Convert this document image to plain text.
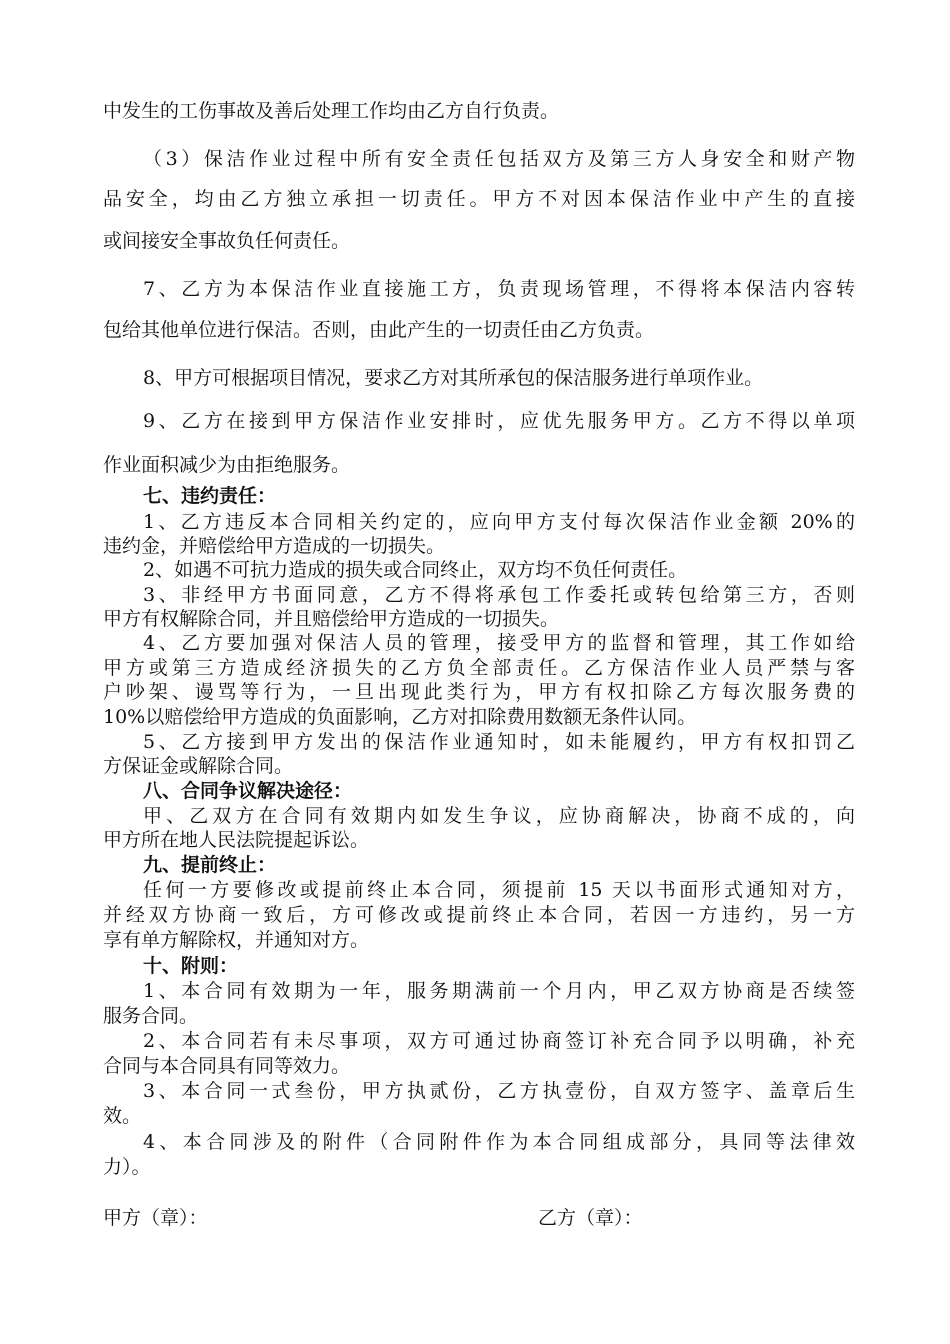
中发生的工伤事故及善后处理工作均由乙方自行负责。
（3）保洁作业过程中所有安全责任包括双方及第三方人身安全和财产物
品安全，均由乙方独立承担一切责任。甲方不对因本保洁作业中产生的直接
或间接安全事故负任何责任。
7、乙方为本保洁作业直接施工方，负责现场管理，不得将本保洁内容转
包给其他单位进行保洁。否则，由此产生的一切责任由乙方负责。
8、甲方可根据项目情况，要求乙方对其所承包的保洁服务进行单项作业。
9、乙方在接到甲方保洁作业安排时，应优先服务甲方。乙方不得以单项
作业面积减少为由拒绝服务。
七、违约责任：
1、乙方违反本合同相关约定的，应向甲方支付每次保洁作业金额 20%的
违约金，并赔偿给甲方造成的一切损失。
2、如遇不可抗力造成的损失或合同终止，双方均不负任何责任。
3、非经甲方书面同意，乙方不得将承包工作委托或转包给第三方，否则
甲方有权解除合同，并且赔偿给甲方造成的一切损失。
4、乙方要加强对保洁人员的管理，接受甲方的监督和管理，其工作如给
甲方或第三方造成经济损失的乙方负全部责任。乙方保洁作业人员严禁与客
户吵架、谩骂等行为，一旦出现此类行为，甲方有权扣除乙方每次服务费的
10%以赔偿给甲方造成的负面影响，乙方对扣除费用数额无条件认同。
5、乙方接到甲方发出的保洁作业通知时，如未能履约，甲方有权扣罚乙
方保证金或解除合同。
八、合同争议解决途径：
甲、乙双方在合同有效期内如发生争议，应协商解决，协商不成的，向
甲方所在地人民法院提起诉讼。
九、提前终止：
任何一方要修改或提前终止本合同，须提前 15 天以书面形式通知对方，
并经双方协商一致后，方可修改或提前终止本合同，若因一方违约，另一方
享有单方解除权，并通知对方。
十、附则：
1、本合同有效期为一年，服务期满前一个月内，甲乙双方协商是否续签
服务合同。
2、本合同若有未尽事项，双方可通过协商签订补充合同予以明确，补充
合同与本合同具有同等效力。
3、本合同一式叁份，甲方执贰份，乙方执壹份，自双方签字、盖章后生
效。
4、本合同涉及的附件（合同附件作为本合同组成部分，具同等法律效
力）。
甲方（章）：	乙方（章）：
